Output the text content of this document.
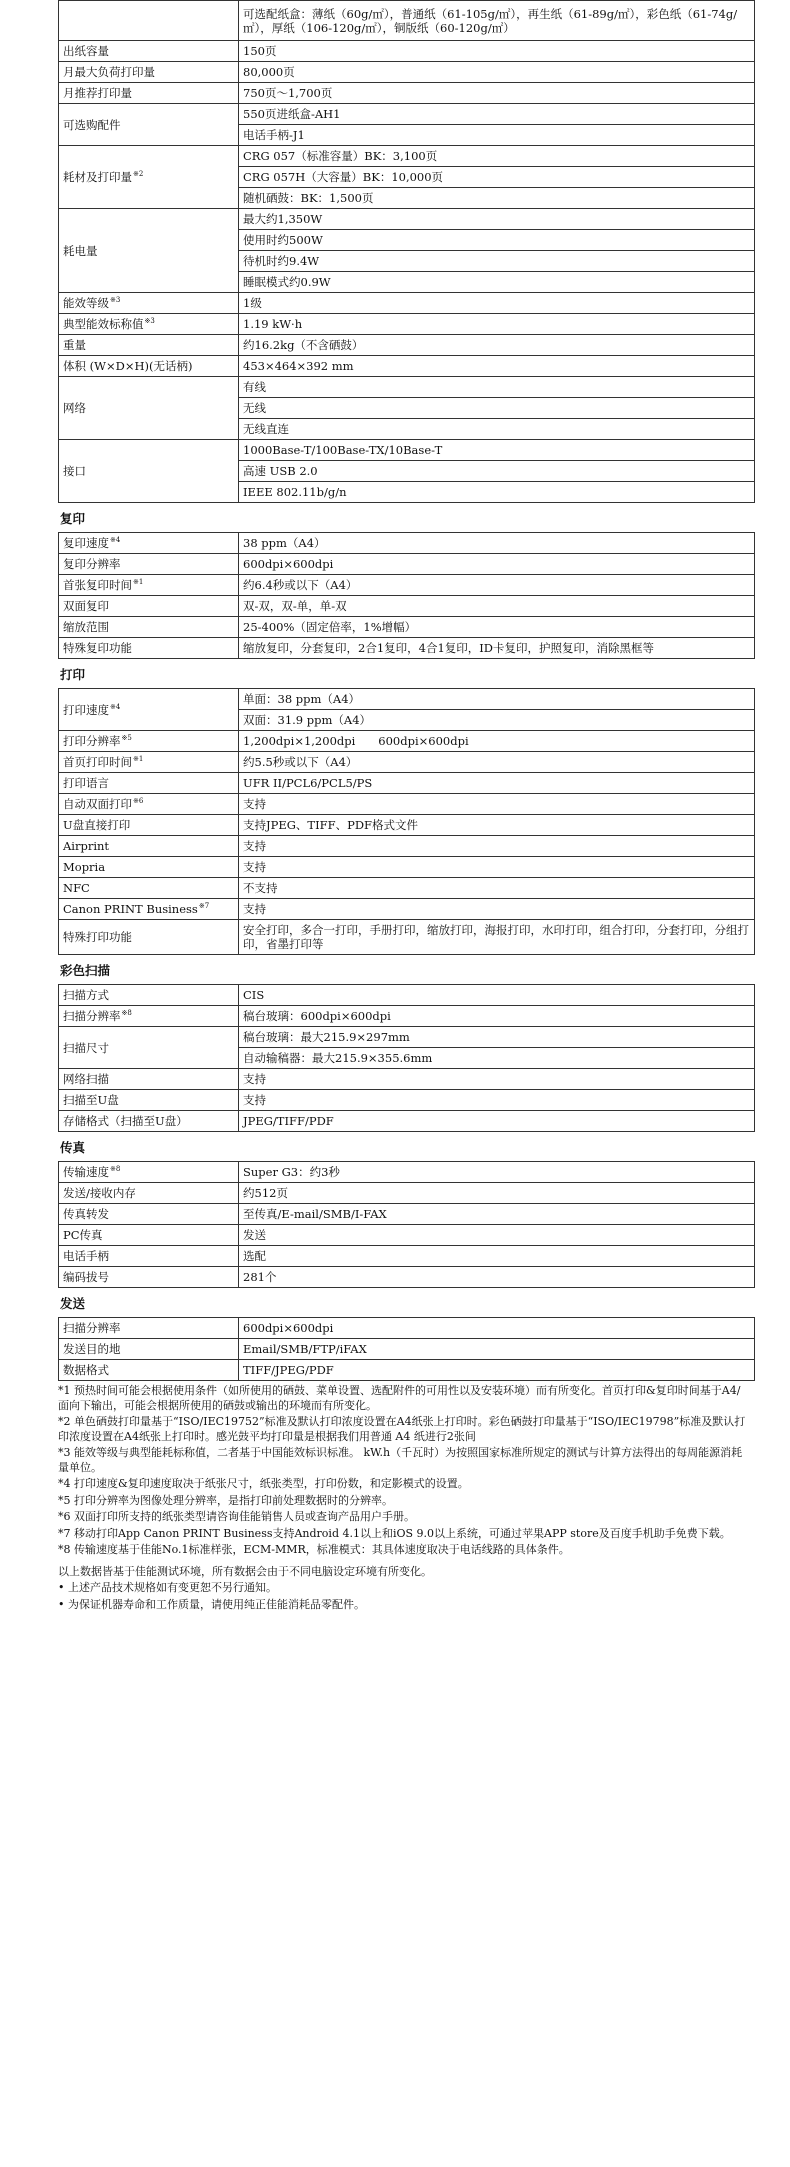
	可选配纸盒：薄纸（60g/㎡），普通纸（61-105g/㎡），再生纸（61-89g/㎡），彩色纸（61-74g/㎡），厚纸（106-120g/㎡），铜版纸（60-120g/㎡）
出纸容量	150页
月最大负荷打印量	80,000页
月推荐打印量	750页～1,700页
可选购配件	550页进纸盒-AH1
	电话手柄-J1
耗材及打印量$^{※2}$	CRG 057（标准容量）BK：3,100页
	CRG 057H（大容量）BK：10,000页
	随机硒鼓：BK：1,500页
耗电量	最大约1,350W
	使用时约500W
	待机时约9.4W
	睡眠模式约0.9W
能效等级$^{※3}$	1级
典型能效标称值$^{※3}$	1.19 kW·h
重量	约16.2kg（不含硒鼓）
体积 (W×D×H)(无话柄)	453×464×392 mm
网络	有线
	无线
	无线直连
接口	1000Base-T/100Base-TX/10Base-T
	高速 USB 2.0
	IEEE 802.11b/g/n
复印
复印速度$^{※4}$	38 ppm（A4）
复印分辨率	600dpi×600dpi
首张复印时间$^{※1}$	约6.4秒或以下（A4）
双面复印	双-双，双-单，单-双
缩放范围	25-400%（固定倍率，1%增幅）
特殊复印功能	缩放复印，分套复印，2合1复印，4合1复印，ID卡复印，护照复印，消除黑框等
打印
打印速度$^{※4}$	单面：38 ppm（A4）
	双面：31.9 ppm（A4）
打印分辨率$^{※5}$	1,200dpi×1,200dpi　　600dpi×600dpi
首页打印时间$^{※1}$	约5.5秒或以下（A4）
打印语言	UFR II/PCL6/PCL5/PS
自动双面打印$^{※6}$	支持
U盘直接打印	支持JPEG、TIFF、PDF格式文件
Airprint	支持
Mopria	支持
NFC	不支持
Canon PRINT Business$^{※7}$	支持
特殊打印功能	安全打印，多合一打印，手册打印，缩放打印，海报打印，水印打印，组合打印，分套打印，分组打印，省墨打印等
彩色扫描
扫描方式	CIS
扫描分辨率$^{※8}$	稿台玻璃：600dpi×600dpi
扫描尺寸	稿台玻璃：最大215.9×297mm
	自动输稿器：最大215.9×355.6mm
网络扫描	支持
扫描至U盘	支持
存储格式（扫描至U盘）	JPEG/TIFF/PDF
传真
传输速度$^{※8}$	Super G3：约3秒
发送/接收内存	约512页
传真转发	至传真/E-mail/SMB/I-FAX
PC传真	发送
电话手柄	选配
编码拔号	281个
发送
扫描分辨率	600dpi×600dpi
发送目的地	Email/SMB/FTP/iFAX
数据格式	TIFF/JPEG/PDF

*1 预热时间可能会根据使用条件（如所使用的硒鼓、菜单设置、选配附件的可用性以及安装环境）而有所变化。首页打印&复印时间基于A4/面向下输出，可能会根据所使用的硒鼓或输出的环境而有所变化。

*2 单色硒鼓打印量基于“ISO/IEC19752”标准及默认打印浓度设置在A4纸张上打印时。彩色硒鼓打印量基于“ISO/IEC19798”标准及默认打印浓度设置在A4纸张上打印时。感光鼓平均打印量是根据我们用普通 A4 纸进行2张间

*3 能效等级与典型能耗标称值，二者基于中国能效标识标准。 kW.h（千瓦时）为按照国家标准所规定的测试与计算方法得出的每周能源消耗量单位。

*4 打印速度&复印速度取决于纸张尺寸，纸张类型，打印份数，和定影模式的设置。

*5 打印分辨率为图像处理分辨率，是指打印前处理数据时的分辨率。

*6 双面打印所支持的纸张类型请咨询佳能销售人员或查询产品用户手册。

*7 移动打印App Canon PRINT Business支持Android 4.1以上和iOS 9.0以上系统，可通过苹果APP store及百度手机助手免费下载。

*8 传输速度基于佳能No.1标准样张，ECM-MMR，标准模式：其具体速度取决于电话线路的具体条件。

以上数据皆基于佳能测试环境，所有数据会由于不同电脑设定环境有所变化。

• 上述产品技术规格如有变更恕不另行通知。

• 为保证机器寿命和工作质量，请使用纯正佳能消耗品零配件。
